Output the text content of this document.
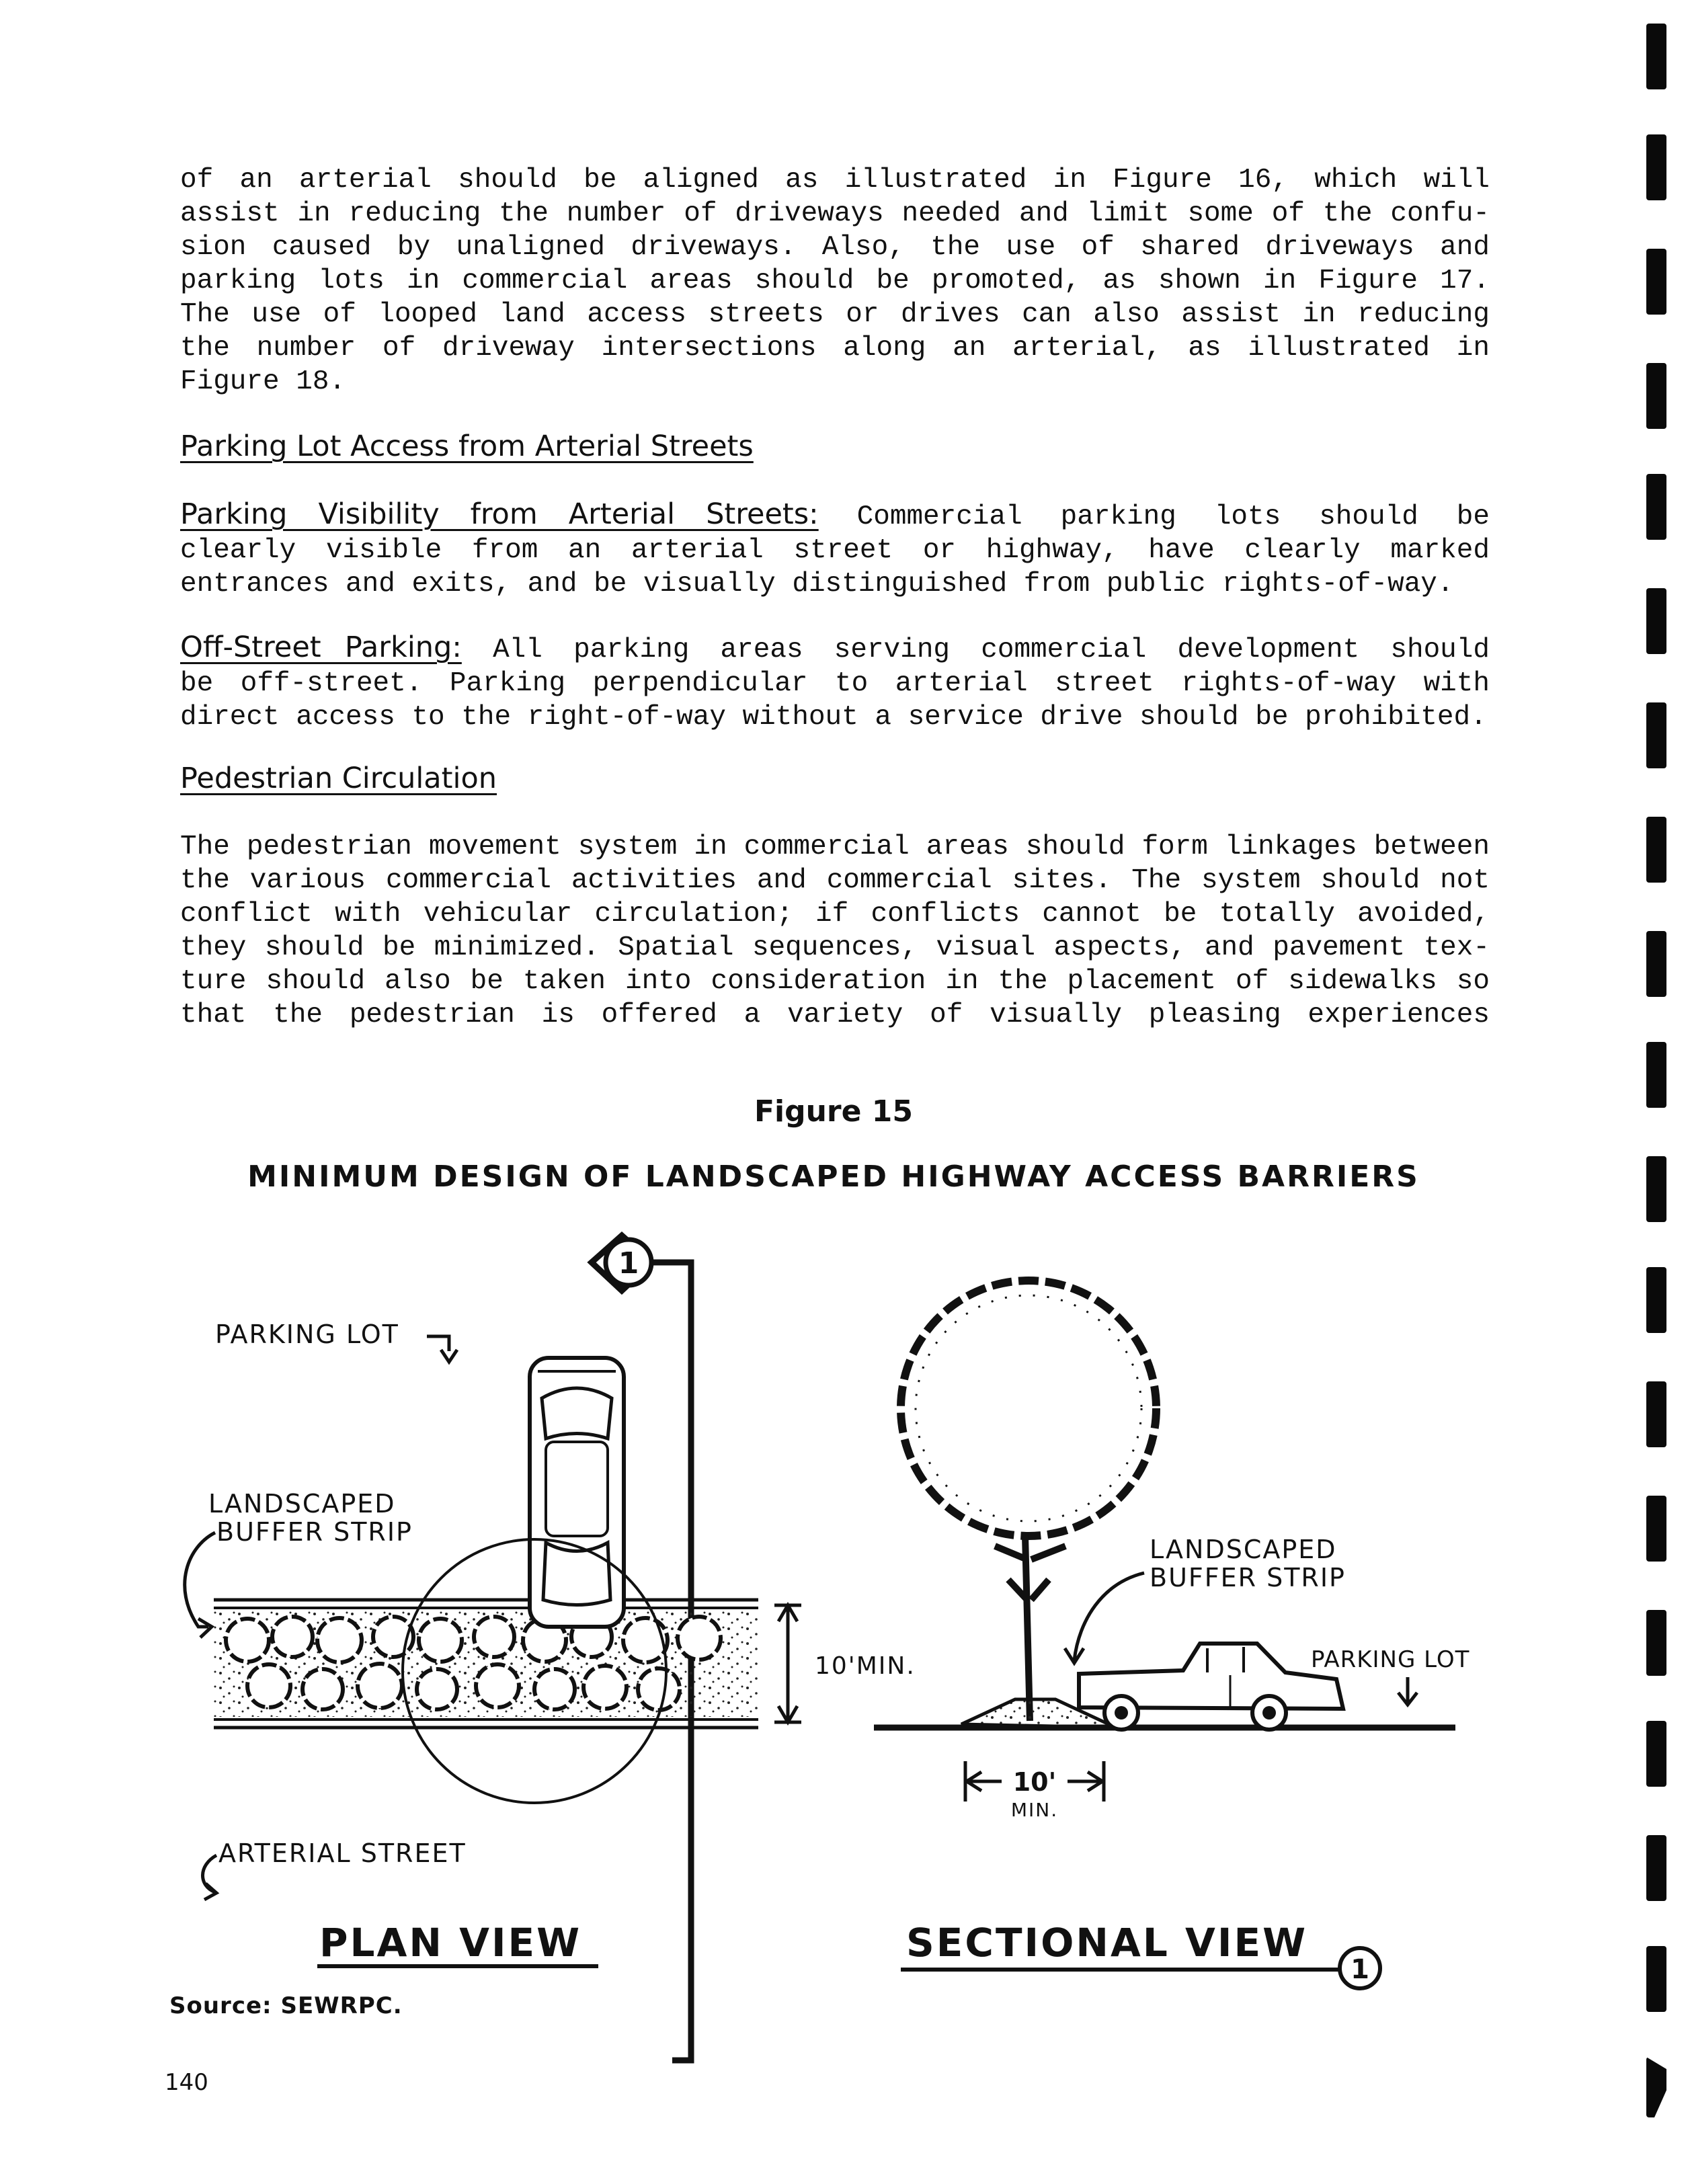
of an arterial should be aligned as illustrated in Figure 16, which will
assist in reducing the number of driveways needed and limit some of the confu-
sion caused by unaligned driveways. Also, the use of shared driveways and
parking lots in commercial areas should be promoted, as shown in Figure 17.
The use of looped land access streets or drives can also assist in reducing
the number of driveway intersections along an arterial, as illustrated in
Figure 18.
Parking Lot Access from Arterial Streets
Parking Visibility from Arterial Streets: Commercial parking lots should be
clearly visible from an arterial street or highway, have clearly marked
entrances and exits, and be visually distinguished from public rights-of-way.
Off-Street Parking: All parking areas serving commercial development should
be off-street. Parking perpendicular to arterial street rights-of-way with
direct access to the right-of-way without a service drive should be prohibited.
Pedestrian Circulation
The pedestrian movement system in commercial areas should form linkages between
the various commercial activities and commercial sites. The system should not
conflict with vehicular circulation; if conflicts cannot be totally avoided,
they should be minimized. Spatial sequences, visual aspects, and pavement tex-
ture should also be taken into consideration in the placement of sidewalks so
that the pedestrian is offered a variety of visually pleasing experiences
Figure 15
MINIMUM DESIGN OF LANDSCAPED HIGHWAY ACCESS BARRIERS
1
PARKING LOT
LANDSCAPED
BUFFER STRIP
10'MIN.
ARTERIAL STREET
PLAN VIEW
LANDSCAPED
BUFFER STRIP
PARKING LOT
10'
MIN.
SECTIONAL VIEW
1
Source: SEWRPC.
140
